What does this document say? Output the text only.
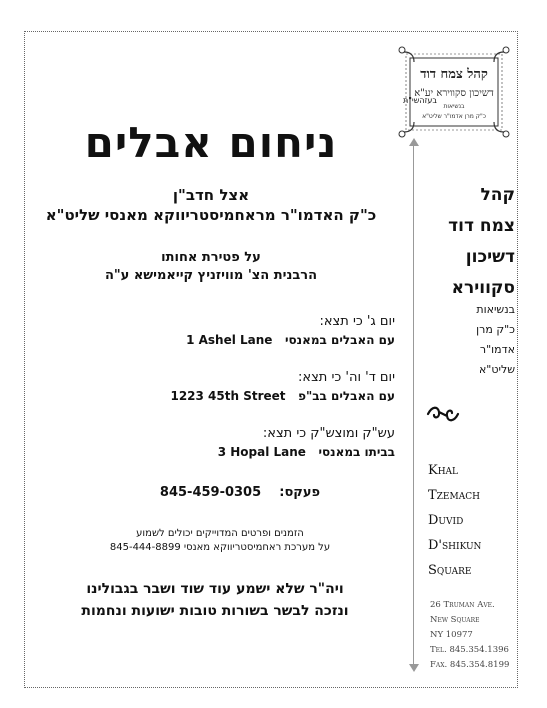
בעזהשי"ת
ניחום אבלים
אצל חדב"ן
כ"ק האדמו"ר מראחמיסטריווקא מאנסי שליט"א
על פטירת אחותו
הרבנית הצ' מוויזניץ קייאמישא ע"ה
יום ג' כי תצא:
עם האבלים במאנסי   1 Ashel Lane
יום ד' וה' כי תצא:
עם האבלים בב"פ   1223 45th Street
עש"ק ומוצש"ק כי תצא:
בביתו במאנסי   3 Hopal Lane
פעקס:    845-459-0305
הזמנים ופרטים המדוייקים יכולים לשמוע
על מערכת ראחמיסטריווקא מאנסי 845-444-8899
ויה"ר שלא ישמע עוד שוד ושבר בגבולינו
ונזכה לבשר בשורות טובות ישועות ונחמות
קהל צמח דוד
דשיכון סקווירא יע"א
בנשיאות
כ"ק מרן אדמו"ר שליט"א
קהל
צמח דוד
דשיכון
סקווירא
בנשיאות
כ"ק מרן
אדמו"ר
שליט"א
Khal
Tzemach
Duvid
D'shikun
Square
26 Truman Ave.
New Square
NY 10977
Tel. 845.354.1396
Fax. 845.354.8199
